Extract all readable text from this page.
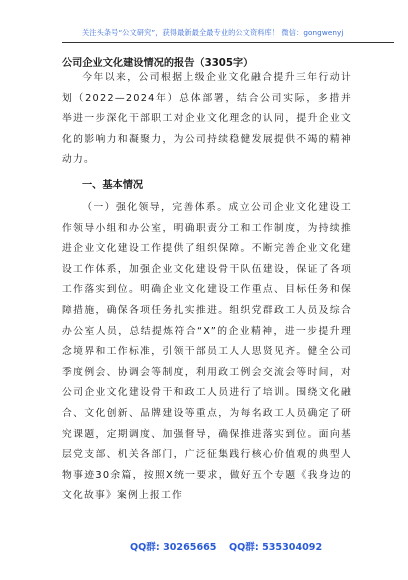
关注头条号“公文研究”，获得最新最全最专业的公文资料库！ 微信：gongwenyj
公司企业文化建设情况的报告（3305字）
今年以来，公司根据上级企业文化融合提升三年行动计划（2022—2024年）总体部署，结合公司实际，多措并举进一步深化干部职工对企业文化理念的认同，提升企业文化的影响力和凝聚力，为公司持续稳健发展提供不竭的精神动力。
一、基本情况
（一）强化领导，完善体系。成立公司企业文化建设工作领导小组和办公室，明确职责分工和工作制度，为持续推进企业文化建设工作提供了组织保障。不断完善企业文化建设工作体系，加强企业文化建设骨干队伍建设，保证了各项工作落实到位。明确企业文化建设工作重点、目标任务和保障措施，确保各项任务扎实推进。组织党群政工人员及综合办公室人员，总结提炼符合“X”的企业精神，进一步提升理念境界和工作标准，引领干部员工人人思贤见齐。健全公司季度例会、协调会等制度，利用政工例会交流会等时间，对公司企业文化建设骨干和政工人员进行了培训。围绕文化融合、文化创新、品牌建设等重点，为每名政工人员确定了研究课题，定期调度、加强督导，确保推进落实到位。面向基层党支部、机关各部门，广泛征集践行核心价值观的典型人物事迹30余篇，按照X统一要求，做好五个专题《我身边的文化故事》案例上报工作
QQ群: 30265665 QQ群: 535304092
